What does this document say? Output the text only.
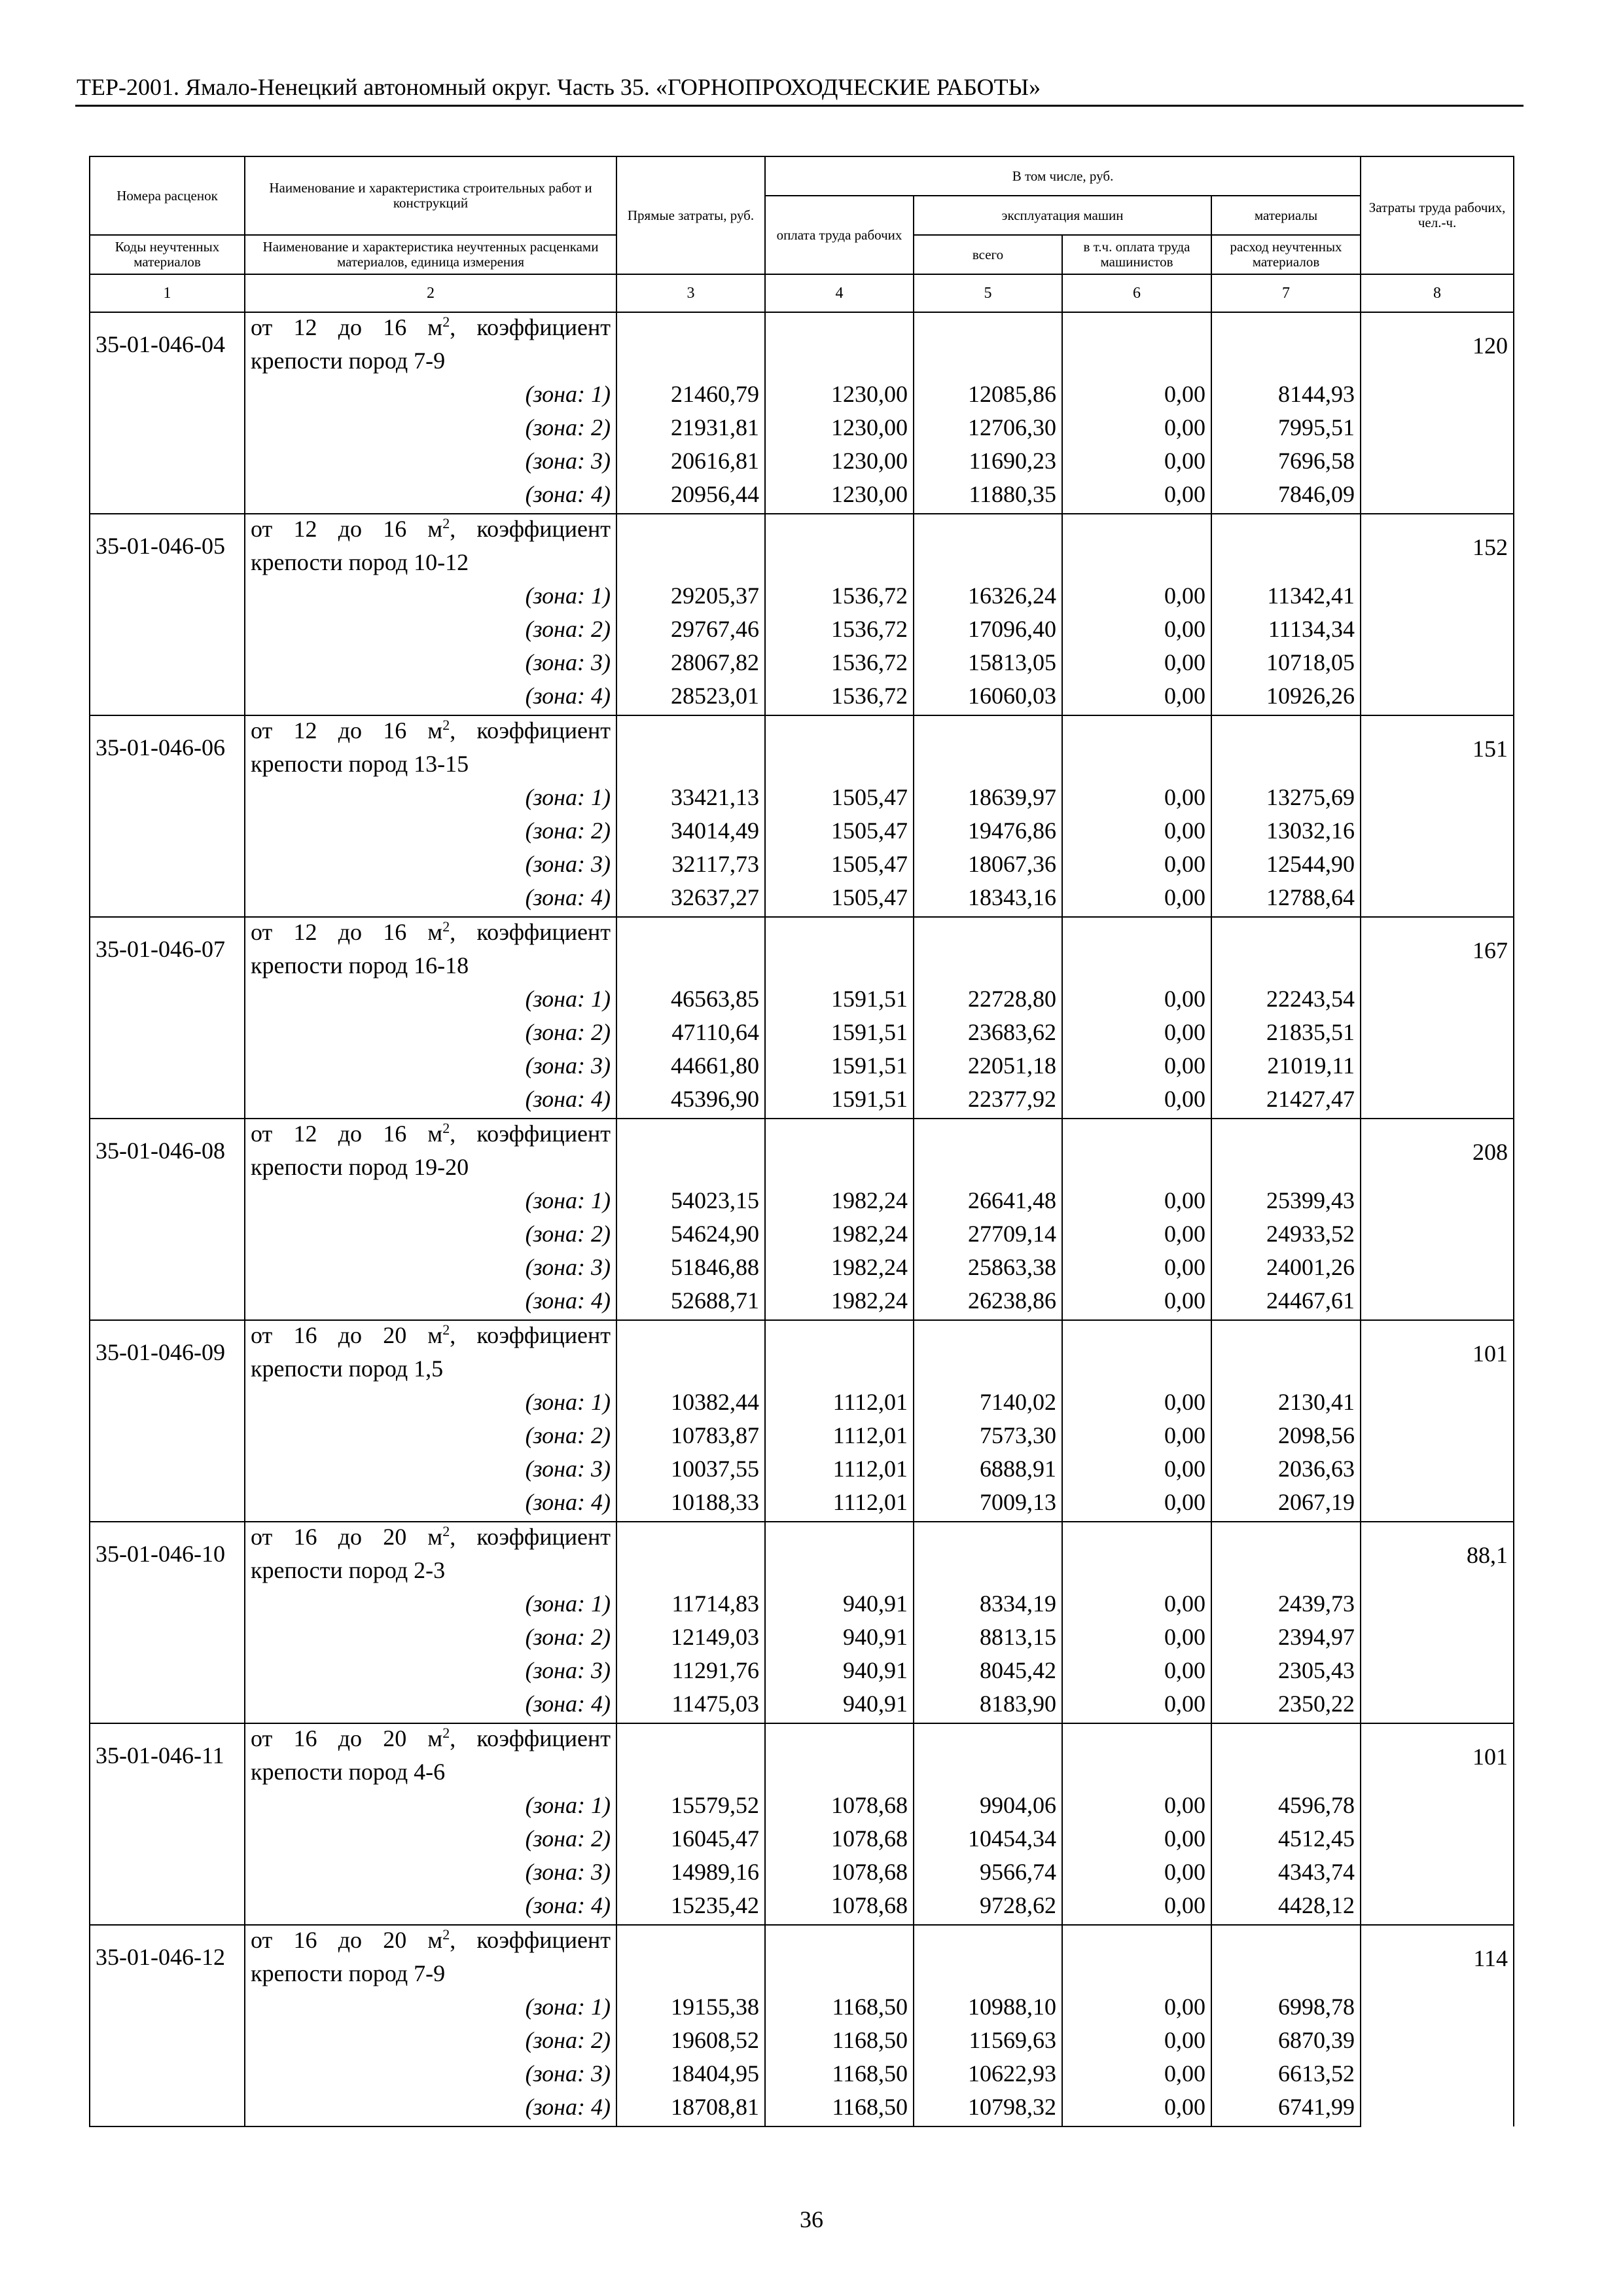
ТЕР-2001. Ямало-Ненецкий автономный округ. Часть 35. «ГОРНОПРОХОДЧЕСКИЕ РАБОТЫ»
Номера расценок	Наименование и характеристика строительных работ и конструкций	Прямые затраты, руб.	В том числе, руб.				Затраты труда рабочих, чел.-ч.
			оплата труда рабочих	эксплуатация машин		материалы	
Коды неучтенных материалов	Наименование и характеристика неучтенных расценками материалов, единица измерения			всего	в т.ч. оплата труда машинистов	расход неучтенных материалов	
1	2	3	4	5	6	7	8

35-01-046-04	от 12 до 16 $м^2$, коэффициент						120

	крепости пород 7-9						
	(зона: 1)	21460,79	1230,00	12085,86	0,00	8144,93	
	(зона: 2)	21931,81	1230,00	12706,30	0,00	7995,51	
	(зона: 3)	20616,81	1230,00	11690,23	0,00	7696,58	
	(зона: 4)	20956,44	1230,00	11880,35	0,00	7846,09	

35-01-046-05	от 12 до 16 $м^2$, коэффициент						152

	крепости пород 10-12						
	(зона: 1)	29205,37	1536,72	16326,24	0,00	11342,41	
	(зона: 2)	29767,46	1536,72	17096,40	0,00	11134,34	
	(зона: 3)	28067,82	1536,72	15813,05	0,00	10718,05	
	(зона: 4)	28523,01	1536,72	16060,03	0,00	10926,26	

35-01-046-06	от 12 до 16 $м^2$, коэффициент						151

	крепости пород 13-15						
	(зона: 1)	33421,13	1505,47	18639,97	0,00	13275,69	
	(зона: 2)	34014,49	1505,47	19476,86	0,00	13032,16	
	(зона: 3)	32117,73	1505,47	18067,36	0,00	12544,90	
	(зона: 4)	32637,27	1505,47	18343,16	0,00	12788,64	

35-01-046-07	от 12 до 16 $м^2$, коэффициент						167

	крепости пород 16-18						
	(зона: 1)	46563,85	1591,51	22728,80	0,00	22243,54	
	(зона: 2)	47110,64	1591,51	23683,62	0,00	21835,51	
	(зона: 3)	44661,80	1591,51	22051,18	0,00	21019,11	
	(зона: 4)	45396,90	1591,51	22377,92	0,00	21427,47	

35-01-046-08	от 12 до 16 $м^2$, коэффициент						208

	крепости пород 19-20						
	(зона: 1)	54023,15	1982,24	26641,48	0,00	25399,43	
	(зона: 2)	54624,90	1982,24	27709,14	0,00	24933,52	
	(зона: 3)	51846,88	1982,24	25863,38	0,00	24001,26	
	(зона: 4)	52688,71	1982,24	26238,86	0,00	24467,61	

35-01-046-09	от 16 до 20 $м^2$, коэффициент						101

	крепости пород 1,5						
	(зона: 1)	10382,44	1112,01	7140,02	0,00	2130,41	
	(зона: 2)	10783,87	1112,01	7573,30	0,00	2098,56	
	(зона: 3)	10037,55	1112,01	6888,91	0,00	2036,63	
	(зона: 4)	10188,33	1112,01	7009,13	0,00	2067,19	

35-01-046-10	от 16 до 20 $м^2$, коэффициент						88,1

	крепости пород 2-3						
	(зона: 1)	11714,83	940,91	8334,19	0,00	2439,73	
	(зона: 2)	12149,03	940,91	8813,15	0,00	2394,97	
	(зона: 3)	11291,76	940,91	8045,42	0,00	2305,43	
	(зона: 4)	11475,03	940,91	8183,90	0,00	2350,22	

35-01-046-11	от 16 до 20 $м^2$, коэффициент						101

	крепости пород 4-6						
	(зона: 1)	15579,52	1078,68	9904,06	0,00	4596,78	
	(зона: 2)	16045,47	1078,68	10454,34	0,00	4512,45	
	(зона: 3)	14989,16	1078,68	9566,74	0,00	4343,74	
	(зона: 4)	15235,42	1078,68	9728,62	0,00	4428,12	

35-01-046-12	от 16 до 20 $м^2$, коэффициент						114

	крепости пород 7-9						
	(зона: 1)	19155,38	1168,50	10988,10	0,00	6998,78	
	(зона: 2)	19608,52	1168,50	11569,63	0,00	6870,39	
	(зона: 3)	18404,95	1168,50	10622,93	0,00	6613,52	
	(зона: 4)	18708,81	1168,50	10798,32	0,00	6741,99	
36
